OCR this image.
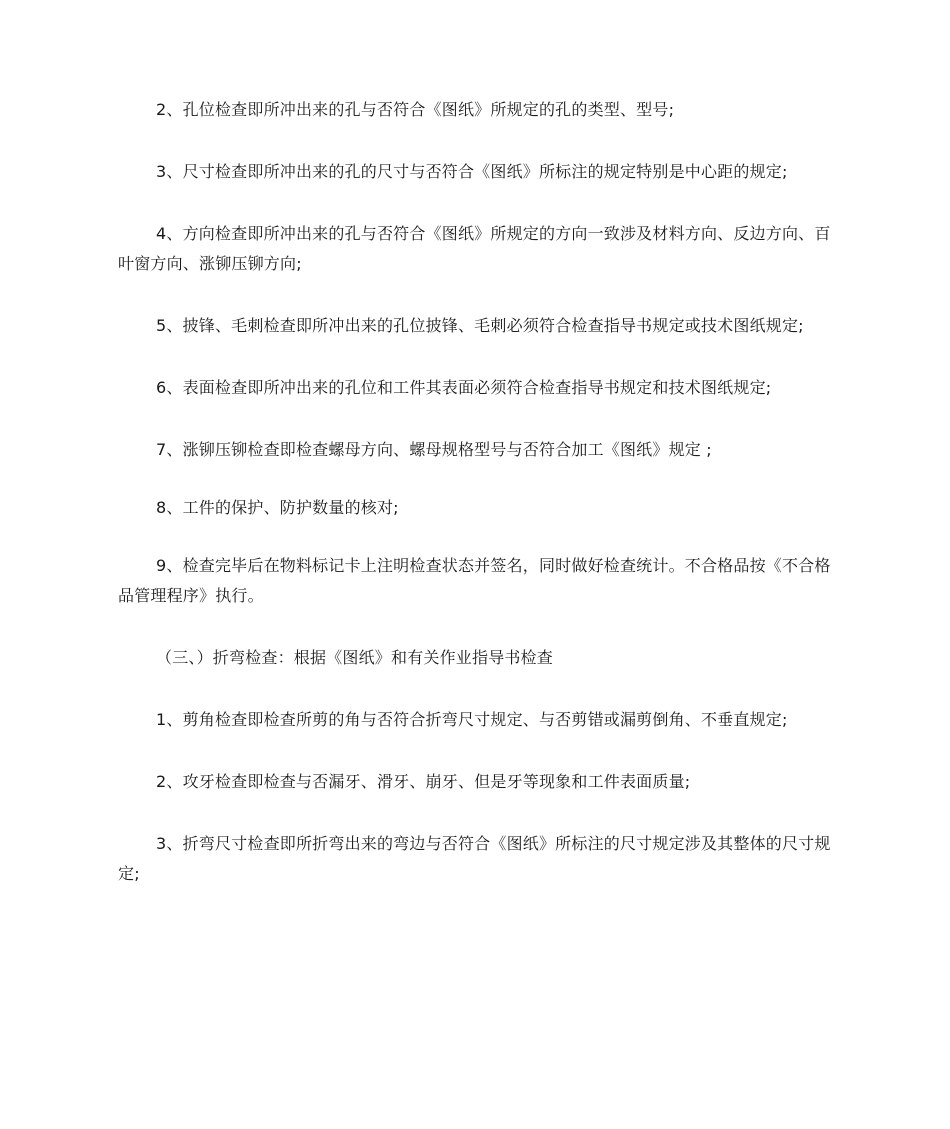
2、孔位检查即所冲出来的孔与否符合《图纸》所规定的孔的类型、型号;

3、尺寸检查即所冲出来的孔的尺寸与否符合《图纸》所标注的规定特别是中心距的规定;

4、方向检查即所冲出来的孔与否符合《图纸》所规定的方向一致涉及材料方向、反边方向、百叶窗方向、涨铆压铆方向;

5、披锋、毛刺检查即所冲出来的孔位披锋、毛刺必须符合检查指导书规定或技术图纸规定;

6、表面检查即所冲出来的孔位和工件其表面必须符合检查指导书规定和技术图纸规定;

7、涨铆压铆检查即检查螺母方向、螺母规格型号与否符合加工《图纸》规定 ;

8、工件的保护、防护数量的核对;

9、检查完毕后在物料标记卡上注明检查状态并签名，同时做好检查统计。不合格品按《不合格品管理程序》执行。

（三、）折弯检查：根据《图纸》和有关作业指导书检查

1、剪角检查即检查所剪的角与否符合折弯尺寸规定、与否剪错或漏剪倒角、不垂直规定;

2、攻牙检查即检查与否漏牙、滑牙、崩牙、但是牙等现象和工件表面质量;

3、折弯尺寸检查即所折弯出来的弯边与否符合《图纸》所标注的尺寸规定涉及其整体的尺寸规定;
